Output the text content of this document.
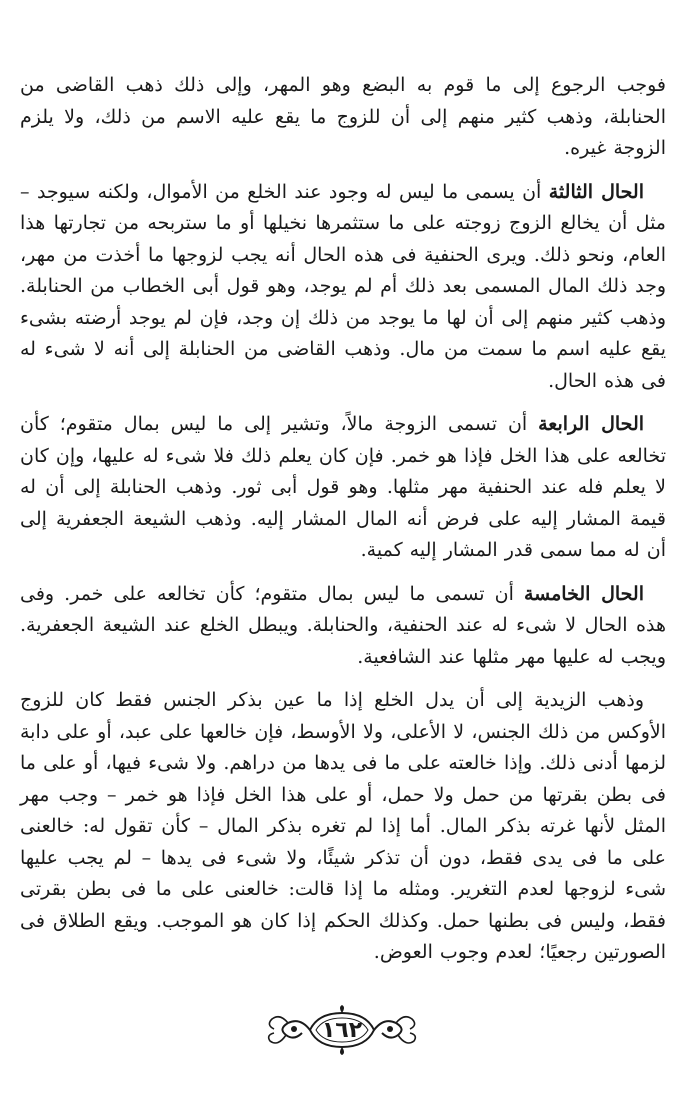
فوجب الرجوع إلى ما قوم به البضع وهو المهر، وإلى ذلك ذهب القاضى من الحنابلة، وذهب كثير منهم إلى أن للزوج ما يقع عليه الاسم من ذلك، ولا يلزم الزوجة غيره.

الحال الثالثة أن يسمى ما ليس له وجود عند الخلع من الأموال، ولكنه سيوجد – مثل أن يخالع الزوج زوجته على ما ستثمرها نخيلها أو ما ستربحه من تجارتها هذا العام، ونحو ذلك. ويرى الحنفية فى هذه الحال أنه يجب لزوجها ما أخذت من مهر، وجد ذلك المال المسمى بعد ذلك أم لم يوجد، وهو قول أبى الخطاب من الحنابلة. وذهب كثير منهم إلى أن لها ما يوجد من ذلك إن وجد، فإن لم يوجد أرضته بشىء يقع عليه اسم ما سمت من مال. وذهب القاضى من الحنابلة إلى أنه لا شىء له فى هذه الحال.

الحال الرابعة أن تسمى الزوجة مالاً، وتشير إلى ما ليس بمال متقوم؛ كأن تخالعه على هذا الخل فإذا هو خمر. فإن كان يعلم ذلك فلا شىء له عليها، وإن كان لا يعلم فله عند الحنفية مهر مثلها. وهو قول أبى ثور. وذهب الحنابلة إلى أن له قيمة المشار إليه على فرض أنه المال المشار إليه. وذهب الشيعة الجعفرية إلى أن له مما سمى قدر المشار إليه كمية.

الحال الخامسة أن تسمى ما ليس بمال متقوم؛ كأن تخالعه على خمر. وفى هذه الحال لا شىء له عند الحنفية، والحنابلة. ويبطل الخلع عند الشيعة الجعفرية. ويجب له عليها مهر مثلها عند الشافعية.

وذهب الزيدية إلى أن يدل الخلع إذا ما عين بذكر الجنس فقط كان للزوج الأوكس من ذلك الجنس، لا الأعلى، ولا الأوسط، فإن خالعها على عبد، أو على دابة لزمها أدنى ذلك. وإذا خالعته على ما فى يدها من دراهم. ولا شىء فيها، أو على ما فى بطن بقرتها من حمل ولا حمل، أو على هذا الخل فإذا هو خمر – وجب مهر المثل لأنها غرته بذكر المال. أما إذا لم تغره بذكر المال – كأن تقول له: خالعنى على ما فى يدى فقط، دون أن تذكر شيئًا، ولا شىء فى يدها – لم يجب عليها شىء لزوجها لعدم التغرير. ومثله ما إذا قالت: خالعنى على ما فى بطن بقرتى فقط، وليس فى بطنها حمل. وكذلك الحكم إذا كان هو الموجب. ويقع الطلاق فى الصورتين رجعيًا؛ لعدم وجوب العوض.

١٦٢
